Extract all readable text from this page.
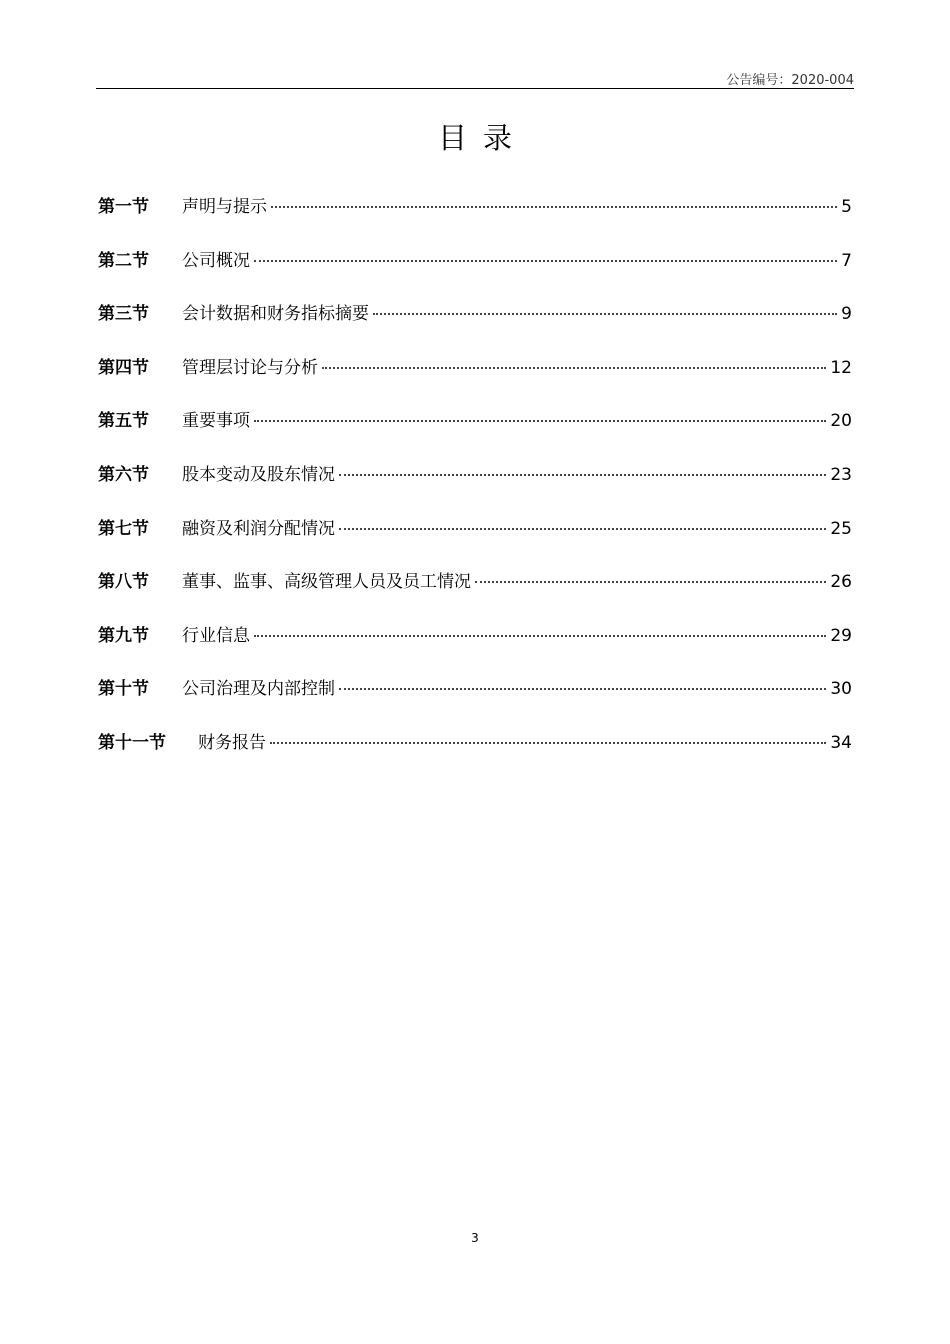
公告编号：2020-004
目录
第一节	声明与提示	5
第二节	公司概况	7
第三节	会计数据和财务指标摘要	9
第四节	管理层讨论与分析	12
第五节	重要事项	20
第六节	股本变动及股东情况	23
第七节	融资及利润分配情况	25
第八节	董事、监事、高级管理人员及员工情况	26
第九节	行业信息	29
第十节	公司治理及内部控制	30
第十一节	财务报告	34
3
